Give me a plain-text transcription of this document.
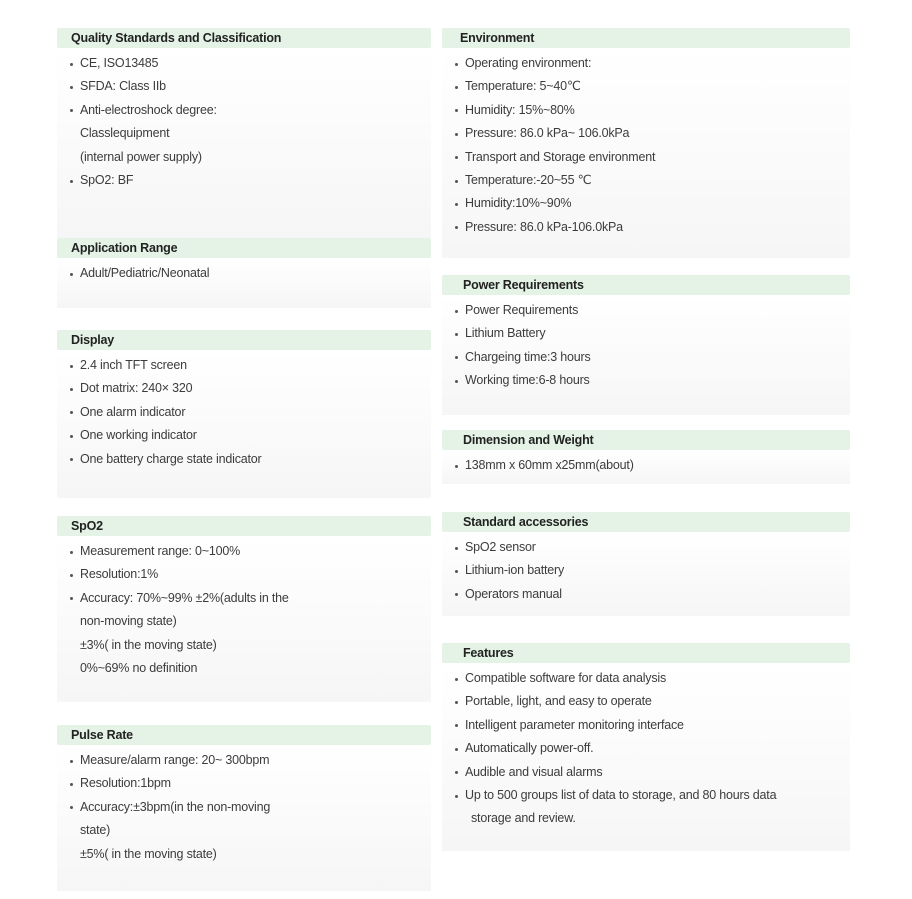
Quality Standards and Classification
CE, ISO13485
SFDA: Class IIb
Anti-electroshock degree:
Classlequipment
(internal power supply)
SpO2: BF
Application Range
Adult/Pediatric/Neonatal
Display
2.4 inch TFT screen
Dot matrix: 240× 320
One alarm indicator
One working indicator
One battery charge state indicator
SpO2
Measurement range: 0~100%
Resolution:1%
Accuracy: 70%~99% ±2%(adults in the
non-moving state)
±3%( in the moving state)
0%~69% no definition
Pulse Rate
Measure/alarm range: 20~ 300bpm
Resolution:1bpm
Accuracy:±3bpm(in the non-moving
state)
±5%( in the moving state)
Environment
Operating environment:
Temperature: 5~40℃
Humidity: 15%~80%
Pressure: 86.0 kPa~ 106.0kPa
Transport and Storage environment
Temperature:-20~55 ℃
Humidity:10%~90%
Pressure: 86.0 kPa-106.0kPa
Power Requirements
Power Requirements
Lithium Battery
Chargeing time:3 hours
Working time:6-8 hours
Dimension and Weight
138mm x 60mm x25mm(about)
Standard accessories
SpO2 sensor
Lithium-ion battery
Operators manual
Features
Compatible software for data analysis
Portable, light, and easy to operate
Intelligent parameter monitoring interface
Automatically power-off.
Audible and visual alarms
Up to 500 groups list of data to storage, and 80 hours data
storage and review.
